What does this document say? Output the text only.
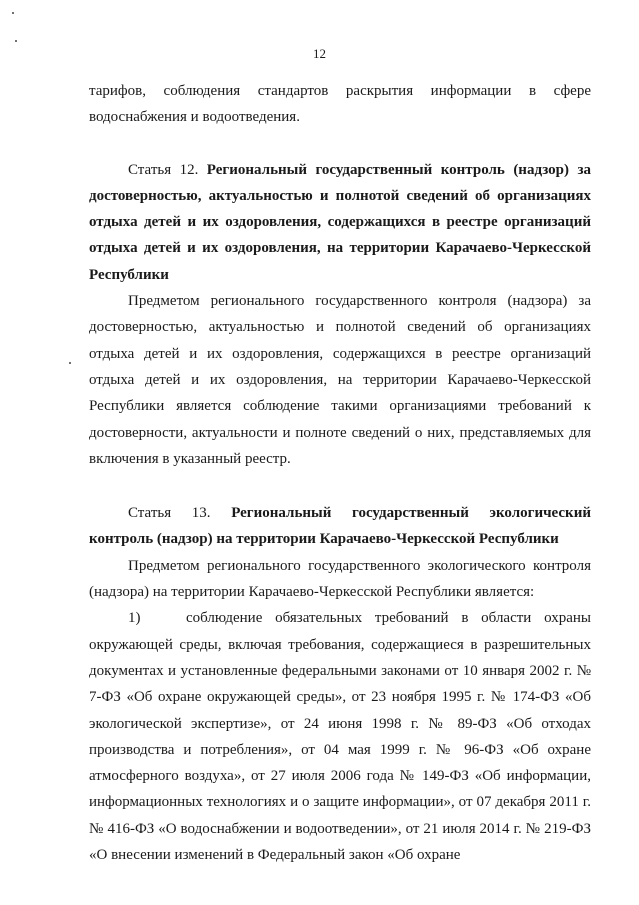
12

тарифов, соблюдения стандартов раскрытия информации в сфере водоснабжения и водоотведения.

Статья 12. Региональный государственный контроль (надзор) за достоверностью, актуальностью и полнотой сведений об организациях отдыха детей и их оздоровления, содержащихся в реестре организаций отдыха детей и их оздоровления, на территории Карачаево-Черкесской Республики

Предметом регионального государственного контроля (надзора) за достоверностью, актуальностью и полнотой сведений об организациях отдыха детей и их оздоровления, содержащихся в реестре организаций отдыха детей и их оздоровления, на территории Карачаево-Черкесской Республики является соблюдение такими организациями требований к достоверности, актуальности и полноте сведений о них, представляемых для включения в указанный реестр.

Статья 13. Региональный государственный экологический контроль (надзор) на территории Карачаево-Черкесской Республики

Предметом регионального государственного экологического контроля (надзора) на территории Карачаево-Черкесской Республики является:

1)	соблюдение обязательных требований в области охраны окружающей среды, включая требования, содержащиеся в разрешительных документах и установленные федеральными законами от 10 января 2002 г. № 7-ФЗ «Об охране окружающей среды», от 23 ноября 1995 г. № 174-ФЗ «Об экологической экспертизе», от 24 июня 1998 г. № 89-ФЗ «Об отходах производства и потребления», от 04 мая 1999 г. № 96-ФЗ «Об охране атмосферного воздуха», от 27 июля 2006 года № 149-ФЗ «Об информации, информационных технологиях и о защите информации», от 07 декабря 2011 г. № 416-ФЗ «О водоснабжении и водоотведении», от 21 июля 2014 г. № 219-ФЗ «О внесении изменений в Федеральный закон «Об охране
